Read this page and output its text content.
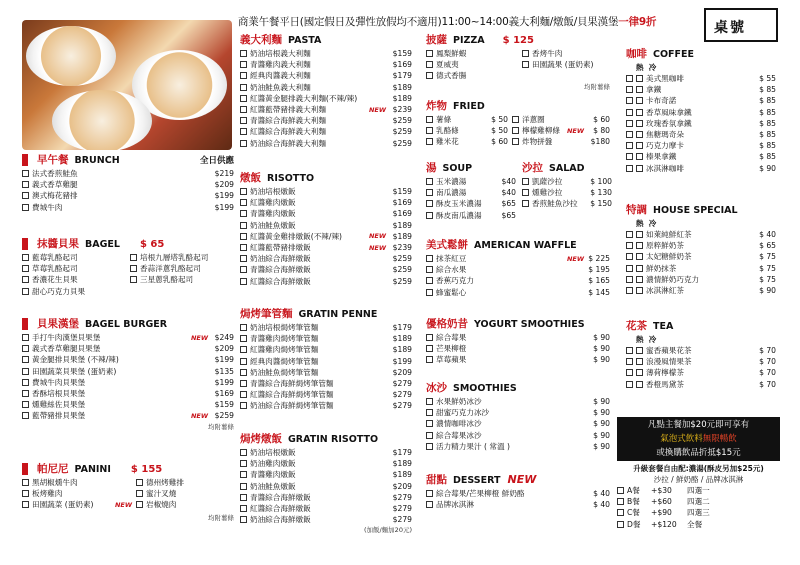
商業午餐平日(國定假日及彈性放假均不適用)11:00~14:00義大利麵/燉飯/貝果漢堡一律9折	桌號
早午餐 BRUNCH	全日供應
法式香煎鮭魚	$219
義式香草雞腿	$209
澳式梅花豬排	$199
費城牛肉	$199
抹醬貝果 BAGEL $ 65
藍莓乳酪起司
草莓乳酪起司
香濃花生貝果
甜心巧克力貝果
培根九層塔乳酪起司
香蒜洋蔥乳酪起司
三星蔥乳酪起司
貝果漢堡 BAGEL BURGER
手打牛肉漢堡貝果堡	NEW $249
義式香草雞腿貝果堡	$209
黃金腿排貝果堡 (不辣/辣)	$199
田園蔬菜貝果堡 (蛋奶素)	$135
費城牛肉貝果堡	$199
香酥培根貝果堡	$169
燻雞絲佐貝果堡	$159
藍帶豬排貝果堡	NEW $259
均附薯條
帕尼尼 PANINI $ 155
黑胡椒燻牛肉
板烤雞肉
田園蔬菜 (蛋奶素)	NEW
德州烤雞排
蜜汁叉燒
岩椒燒肉
均附薯條
義大利麵 PASTA
奶油培根義大利麵	$159
青醬雞肉義大利麵	$169
經典肉醬義大利麵	$179
奶油鮭魚義大利麵	$189
紅醬黃金腿排義大利麵(不辣/辣)	$189
紅醬藍帶豬排義大利麵	NEW $239
青醬綜合海鮮義大利麵	$259
紅醬綜合海鮮義大利麵	$259
奶油綜合海鮮義大利麵	$259
燉飯 RISOTTO
奶油培根燉飯	$159
紅醬雞肉燉飯	$169
青醬雞肉燉飯	$169
奶油鮭魚燉飯	$189
紅醬黃金雞排燉飯(不辣/辣)	NEW $189
紅醬藍帶豬排燉飯	NEW $239
奶油綜合海鮮燉飯	$259
青醬綜合海鮮燉飯	$259
紅醬綜合海鮮燉飯	$259
焗烤筆管麵 GRATIN PENNE
奶油培根焗烤筆管麵	$179
青醬雞肉焗烤筆管麵	$189
紅醬雞肉焗烤筆管麵	$189
經典肉醬焗烤筆管麵	$199
奶油鮭魚焗烤筆管麵	$209
青醬綜合海鮮焗烤筆管麵	$279
紅醬綜合海鮮焗烤筆管麵	$279
奶油綜合海鮮焗烤筆管麵	$279
焗烤燉飯 GRATIN RISOTTO
奶油培根燉飯	$179
奶油雞肉燉飯	$189
青醬雞肉燉飯	$189
奶油鮭魚燉飯	$209
青醬綜合海鮮燉飯	$279
紅醬綜合海鮮燉飯	$279
奶油綜合海鮮燉飯	$279
(加飯/麵加20元)
披薩 PIZZA $ 125
鳳梨鮮蝦
夏威夷
德式香腸
香烤牛肉
田園蔬果 (蛋奶素)
均附薯條
炸物 FRIED
薯條	$ 50
乳酪條	$ 50
雞米花	$ 60
洋蔥圈	$ 60
檸檬雞柳條	NEW	$ 80
炸物拼盤	$180
湯 SOUP
玉米濃湯	$40
南瓜濃湯	$40
酥皮玉米濃湯	$65
酥皮南瓜濃湯	$65
沙拉 SALAD
凱薩沙拉	$ 100
燻雞沙拉	$ 130
香煎鮭魚沙拉	$ 150
美式鬆餅 AMERICAN WAFFLE
抹茶紅豆	NEW $ 225
綜合水果	$ 195
香蕉巧克力	$ 165
蜂蜜鬆心	$ 145
優格奶昔 YOGURT SMOOTHIES
綜合莓果	$ 90
芒果柳橙	$ 90
草莓蘋果	$ 90
冰沙 SMOOTHIES
水果鮮奶冰沙	$ 90
甜蜜巧克力冰沙	$ 90
濃情咖啡冰沙	$ 90
綜合莓果冰沙	$ 90
活力精力果汁 ( 常溫 )	$ 90
甜點 DESSERT NEW
綜合莓果/芒果柳橙 鮮奶酪	$ 40
品牌冰淇淋	$ 40
咖啡 COFFEE
熱 冷
美式黑咖啡	$ 55
拿鐵	$ 85
卡布奇諾	$ 85
香草風味拿鐵	$ 85
玫瑰香氛拿鐵	$ 85
焦糖瑪奇朵	$ 85
巧克力摩卡	$ 85
榛果拿鐵	$ 85
冰淇淋咖啡	$ 90
特調 HOUSE SPECIAL
熱 冷
如萊純鮮紅茶	$ 40
原粹鮮奶茶	$ 65
太妃糖鮮奶茶	$ 75
鮮奶抹茶	$ 75
濃情鮮奶巧克力	$ 75
冰淇淋紅茶	$ 90
花茶 TEA
熱 冷
蜜香蘋果花茶	$ 70
浪漫風情果茶	$ 70
薄荷檸檬茶	$ 70
香橙馬黛茶	$ 70
凡點主餐加$20元即可享有
氣泡式飲料無限暢飲
或換購飲品折抵$15元
升級套餐自由配:濃湯(酥皮另加$25元)
沙拉 / 鮮奶酪 / 品牌冰淇淋
A餐	+$30	四選一
B餐	+$60	四選二
C餐	+$90	四選三
D餐	+$120	全餐
